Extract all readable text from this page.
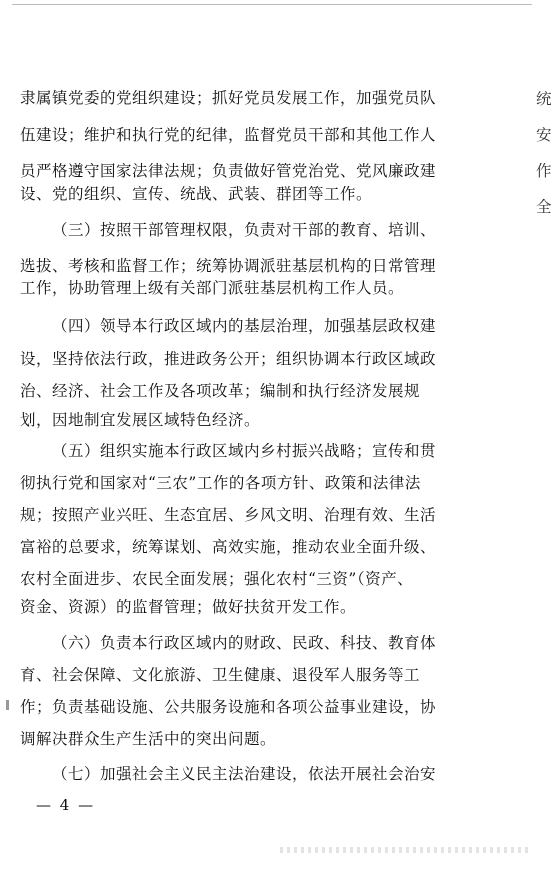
隶属镇党委的党组织建设；抓好党员发展工作，加强党员队
伍建设；维护和执行党的纪律，监督党员干部和其他工作人
员严格遵守国家法律法规；负责做好管党治党、党风廉政建
设、党的组织、宣传、统战、武装、群团等工作。
（三）按照干部管理权限，负责对干部的教育、培训、
选拔、考核和监督工作；统筹协调派驻基层机构的日常管理
工作，协助管理上级有关部门派驻基层机构工作人员。
（四）领导本行政区域内的基层治理，加强基层政权建
设，坚持依法行政，推进政务公开；组织协调本行政区域政
治、经济、社会工作及各项改革；编制和执行经济发展规
划，因地制宜发展区域特色经济。
（五）组织实施本行政区域内乡村振兴战略；宣传和贯
彻执行党和国家对“三农”工作的各项方针、政策和法律法
规；按照产业兴旺、生态宜居、乡风文明、治理有效、生活
富裕的总要求，统筹谋划、高效实施，推动农业全面升级、
农村全面进步、农民全面发展；强化农村“三资”（资产、
资金、资源）的监督管理；做好扶贫开发工作。
（六）负责本行政区域内的财政、民政、科技、教育体
育、社会保障、文化旅游、卫生健康、退役军人服务等工
作；负责基础设施、公共服务设施和各项公益事业建设，协
调解决群众生产生活中的突出问题。
（七）加强社会主义民主法治建设，依法开展社会治安
统
安
作
全
— 4 —
